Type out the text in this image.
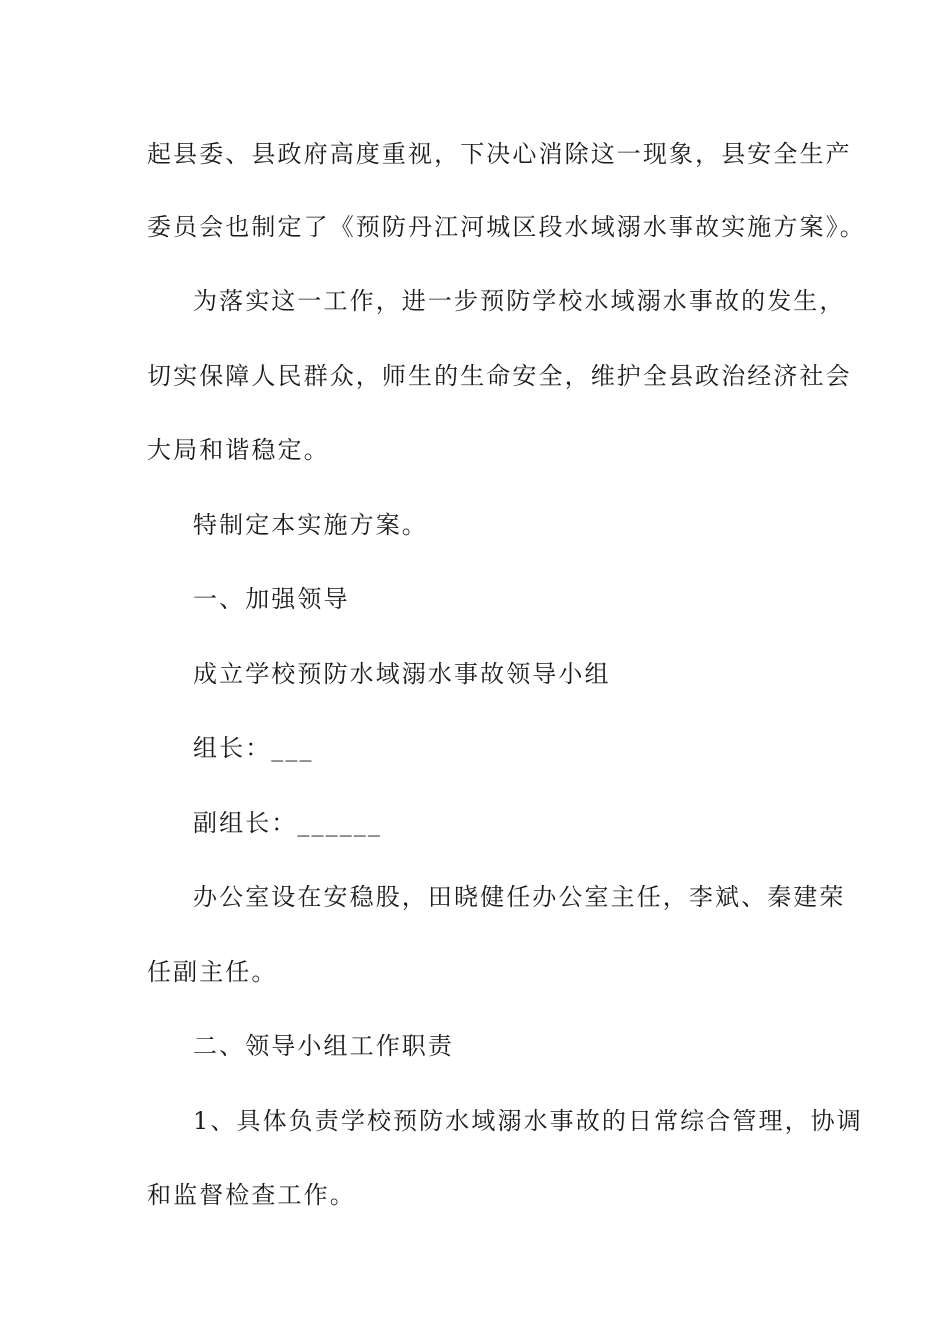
起县委、县政府高度重视，下决心消除这一现象，县安全生产
委员会也制定了《预防丹江河城区段水域溺水事故实施方案》。
为落实这一工作，进一步预防学校水域溺水事故的发生，
切实保障人民群众，师生的生命安全，维护全县政治经济社会
大局和谐稳定。
特制定本实施方案。
一、加强领导
成立学校预防水域溺水事故领导小组
组长：___
副组长：______
办公室设在安稳股，田晓健任办公室主任，李斌、秦建荣
任副主任。
二、领导小组工作职责
1、具体负责学校预防水域溺水事故的日常综合管理，协调
和监督检查工作。
